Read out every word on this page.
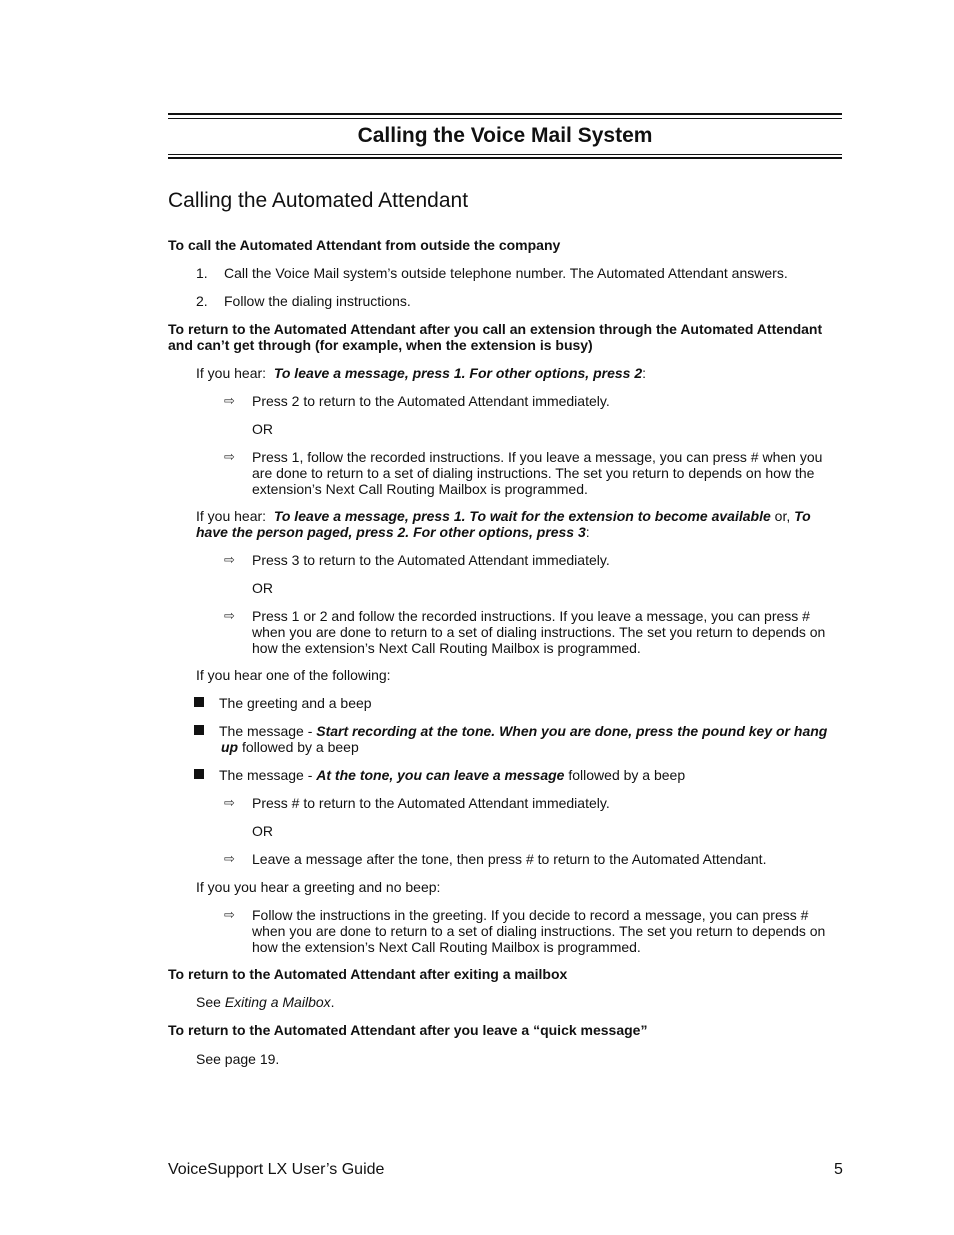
Calling the Voice Mail System
Calling the Automated Attendant
To call the Automated Attendant from outside the company
1. Call the Voice Mail system’s outside telephone number. The Automated Attendant answers.
2. Follow the dialing instructions.
To return to the Automated Attendant after you call an extension through the Automated Attendant
and can’t get through (for example, when the extension is busy)
If you hear: To leave a message, press 1. For other options, press 2:
⇨ Press 2 to return to the Automated Attendant immediately.
OR
⇨ Press 1, follow the recorded instructions. If you leave a message, you can press # when you
are done to return to a set of dialing instructions. The set you return to depends on how the
extension’s Next Call Routing Mailbox is programmed.
If you hear: To leave a message, press 1. To wait for the extension to become available or, To
have the person paged, press 2. For other options, press 3:
⇨ Press 3 to return to the Automated Attendant immediately.
OR
⇨ Press 1 or 2 and follow the recorded instructions. If you leave a message, you can press #
when you are done to return to a set of dialing instructions. The set you return to depends on
how the extension’s Next Call Routing Mailbox is programmed.
If you hear one of the following:
The greeting and a beep
The message - Start recording at the tone. When you are done, press the pound key or hang
up followed by a beep
The message - At the tone, you can leave a message followed by a beep
⇨ Press # to return to the Automated Attendant immediately.
OR
⇨ Leave a message after the tone, then press # to return to the Automated Attendant.
If you you hear a greeting and no beep:
⇨ Follow the instructions in the greeting. If you decide to record a message, you can press #
when you are done to return to a set of dialing instructions. The set you return to depends on
how the extension’s Next Call Routing Mailbox is programmed.
To return to the Automated Attendant after exiting a mailbox
See Exiting a Mailbox.
To return to the Automated Attendant after you leave a “quick message”
See page 19.
VoiceSupport LX User’s Guide	5
